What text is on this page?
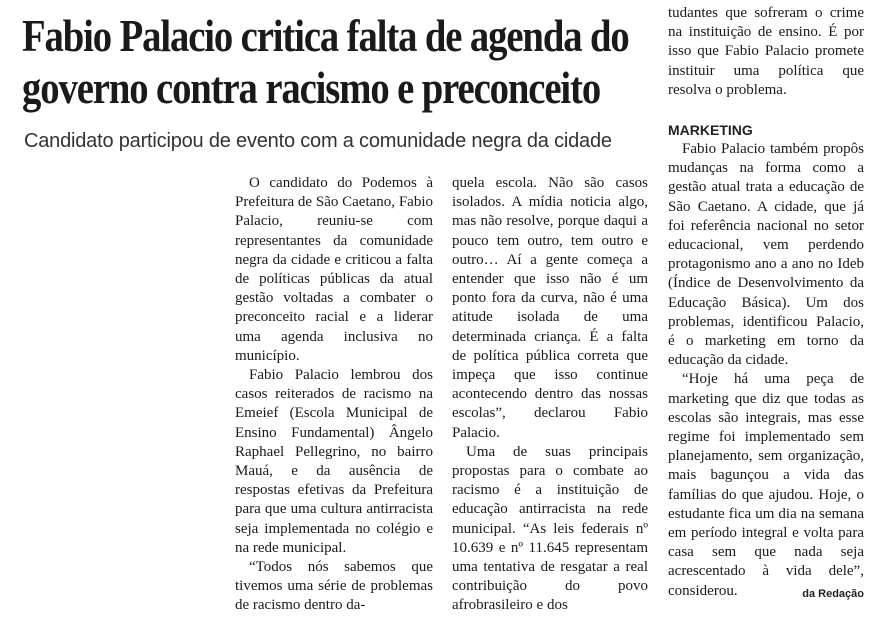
Fabio Palacio critica falta de agenda do
governo contra racismo e preconceito
Candidato participou de evento com a comunidade negra da cidade

O candidato do Podemos à Prefeitura de São Caetano, Fabio Palacio, reuniu-se com representantes da comunidade negra da cidade e criticou a falta de políticas públicas da atual gestão voltadas a combater o preconceito racial e a liderar uma agenda inclusiva no município.

Fabio Palacio lembrou dos casos reiterados de racismo na Emeief (Escola Municipal de Ensino Fundamental) Ângelo Raphael Pellegrino, no bairro Mauá, e da ausência de respostas efetivas da Prefeitura para que uma cultura antirracista seja implementada no colégio e na rede municipal.

“Todos nós sabemos que tivemos uma série de problemas de racismo dentro da-

quela escola. Não são casos isolados. A mídia noticia algo, mas não resolve, porque daqui a pouco tem outro, tem outro e outro… Aí a gente começa a entender que isso não é um ponto fora da curva, não é uma atitude isolada de uma determinada criança. É a falta de política pública correta que impeça que isso continue acontecendo dentro das nossas escolas”, declarou Fabio Palacio.

Uma de suas principais propostas para o combate ao racismo é a instituição de educação antirracista na rede municipal. “As leis federais nº 10.639 e nº 11.645 representam uma tentativa de resgatar a real contribuição do povo afrobrasileiro e dos

tudantes que sofreram o crime na instituição de ensino. É por isso que Fabio Palacio promete instituir uma política que resolva o problema.

MARKETING

Fabio Palacio também propôs mudanças na forma como a gestão atual trata a educação de São Caetano. A cidade, que já foi referência nacional no setor educacional, vem perdendo protagonismo ano a ano no Ideb (Índice de Desenvolvimento da Educação Básica). Um dos problemas, identificou Palacio, é o marketing em torno da educação da cidade.

“Hoje há uma peça de marketing que diz que todas as escolas são integrais, mas esse regime foi implementado sem planejamento, sem organização, mais bagunçou a vida das famílias do que ajudou. Hoje, o estudante fica um dia na semana em período integral e volta para casa sem que nada seja acrescentado à vida dele”, considerou.	da Redação
